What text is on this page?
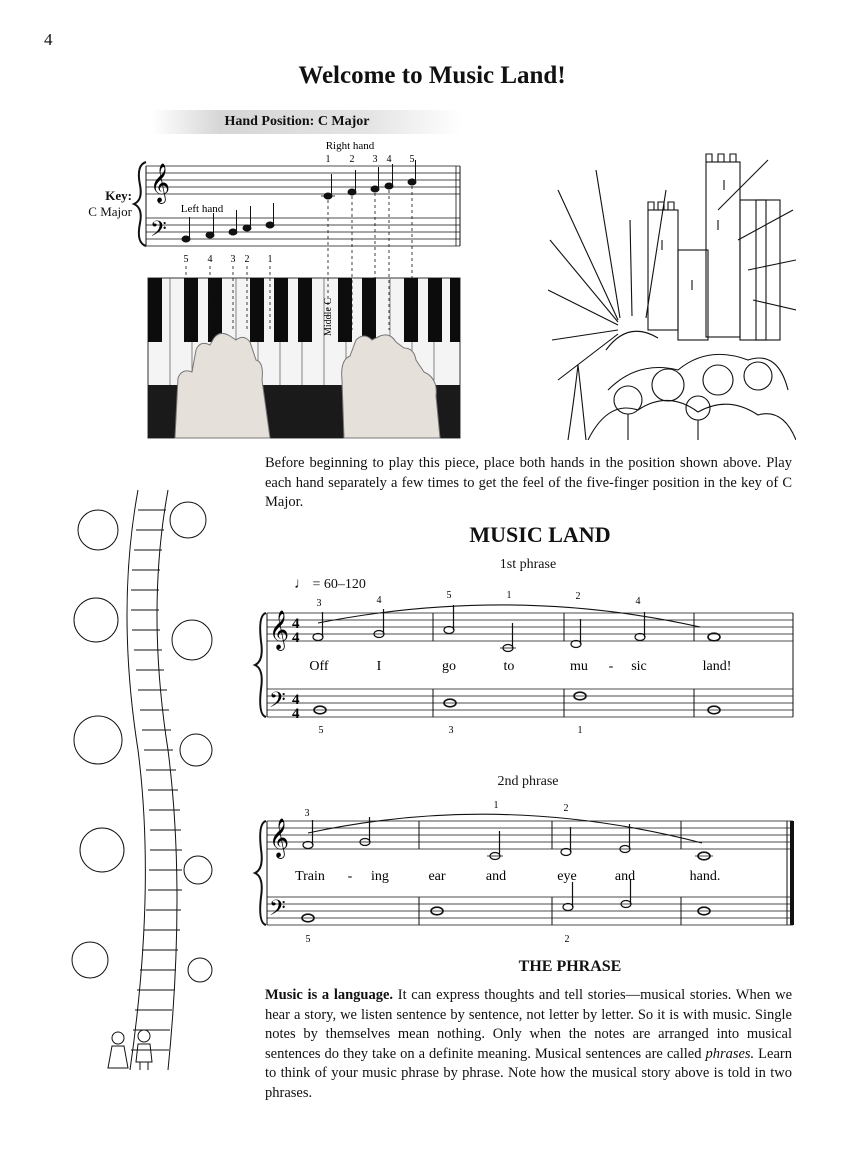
4
Welcome to Music Land!
Hand Position: C Major
Key:
C Major
𝄞
𝄢
Right hand
Left hand
1 2 3 4 5
5 4 3 2 1
Middle C
Before beginning to play this piece, place both hands in the position shown above. Play each hand separately a few times to get the feel of the five-finger position in the key of C Major.
MUSIC LAND
1st phrase
♩ = 60–120
𝄞
𝄢
4
4
4
4
3	4	5	1	2	4
5	3	1
Off	I	go	to	mu - sic	land!
2nd phrase
𝄞
𝄢
3
1	2
5	2
Train - ing	ear	and	eye	and	hand.
THE PHRASE
Music is a language. It can express thoughts and tell stories—musical stories. When we hear a story, we listen sentence by sentence, not letter by letter. So it is with music. Single notes by themselves mean nothing. Only when the notes are arranged into musical sentences do they take on a definite meaning. Musical sentences are called phrases. Learn to think of your music phrase by phrase. Note how the musical story above is told in two phrases.
